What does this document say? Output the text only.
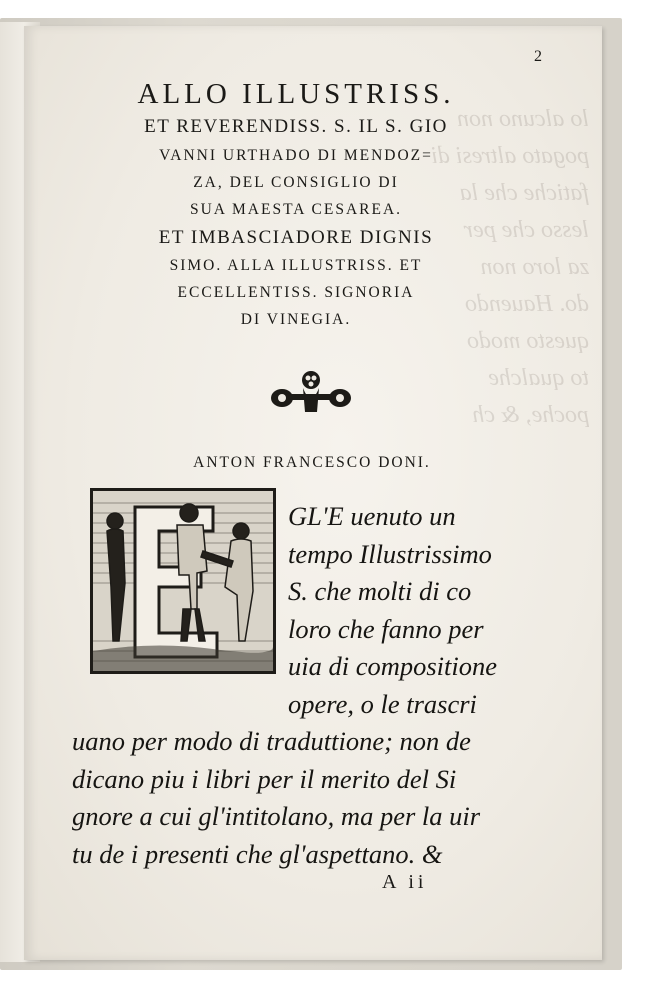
lo alcuno non
pogato altresi di
fatiche che la
lesso che per
za loro non
do. Hauendo
questo modo
to qualche
poche, & ch
2
ALLO ILLUSTRISS.
ET REVERENDISS. S. IL S. GIO
VANNI URTHADO DI MENDOZ=
ZA, DEL CONSIGLIO DI
SUA MAESTA CESAREA.
ET IMBASCIADORE DIGNIS
SIMO. ALLA ILLUSTRISS. ET
ECCELLENTISS. SIGNORIA
DI VINEGIA.
ANTON FRANCESCO DONI.
GL'E uenuto un
tempo Illustrissimo
S. che molti di co
loro che fanno per
uia di compositione
opere, o le trascri
uano per modo di traduttione; non de
dicano piu i libri per il merito del Si
gnore a cui gl'intitolano, ma per la uir
tu de i presenti che gl'aspettano. &
A ii
